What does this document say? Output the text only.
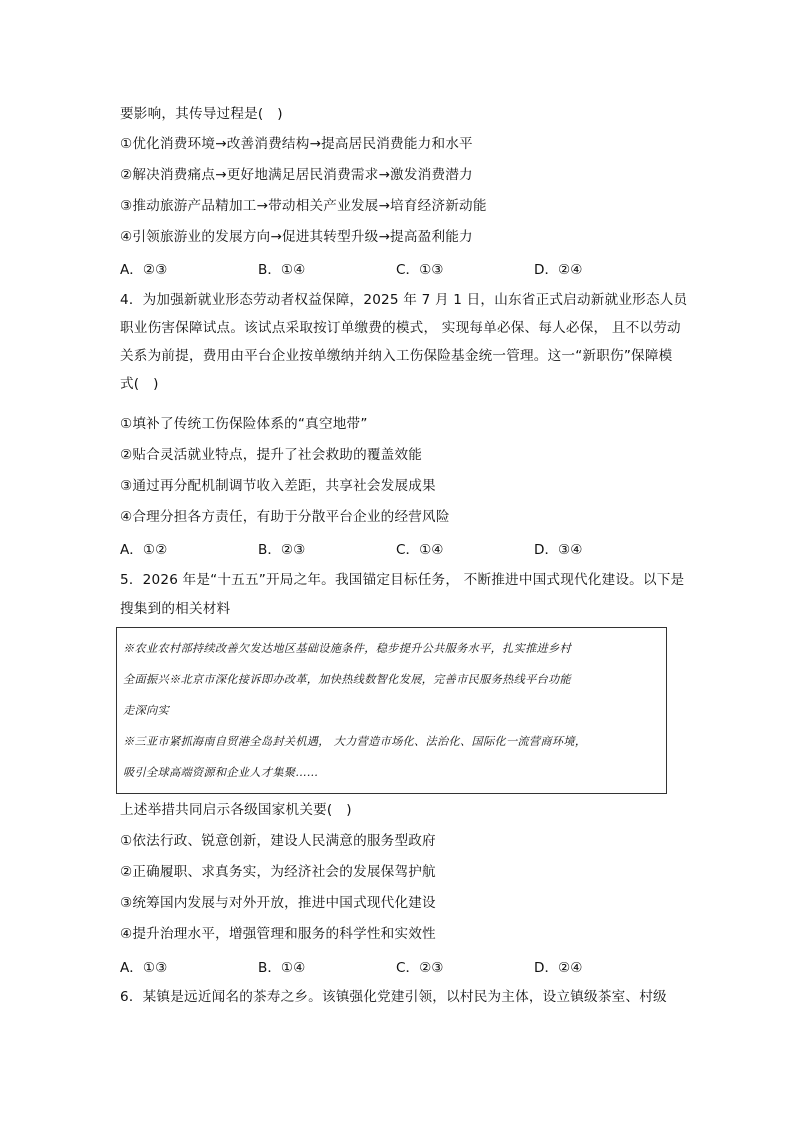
要影响，其传导过程是(　)
①优化消费环境→改善消费结构→提高居民消费能力和水平
②解决消费痛点→更好地满足居民消费需求→激发消费潜力
③推动旅游产品精加工→带动相关产业发展→培育经济新动能
④引领旅游业的发展方向→促进其转型升级→提高盈利能力
A．②③	B．①④	C．①③	D．②④
4．为加强新就业形态劳动者权益保障，2025 年 7 月 1 日，山东省正式启动新就业形态人员
职业伤害保障试点。该试点采取按订单缴费的模式， 实现每单必保、每人必保， 且不以劳动
关系为前提，费用由平台企业按单缴纳并纳入工伤保险基金统一管理。这一“新职伤”保障模
式(　)
①填补了传统工伤保险体系的“真空地带”
②贴合灵活就业特点，提升了社会救助的覆盖效能
③通过再分配机制调节收入差距，共享社会发展成果
④合理分担各方责任，有助于分散平台企业的经营风险
A．①②	B．②③	C．①④	D．③④
5．2026 年是“十五五”开局之年。我国锚定目标任务， 不断推进中国式现代化建设。以下是
搜集到的相关材料
※农业农村部持续改善欠发达地区基础设施条件，稳步提升公共服务水平，扎实推进乡村
全面振兴※北京市深化接诉即办改革，加快热线数智化发展，完善市民服务热线平台功能
走深向实
※三亚市紧抓海南自贸港全岛封关机遇， 大力营造市场化、法治化、国际化一流营商环境，
吸引全球高端资源和企业人才集聚……
上述举措共同启示各级国家机关要(　)
①依法行政、锐意创新，建设人民满意的服务型政府
②正确履职、求真务实，为经济社会的发展保驾护航
③统筹国内发展与对外开放，推进中国式现代化建设
④提升治理水平，增强管理和服务的科学性和实效性
A．①③	B．①④	C．②③	D．②④
6．某镇是远近闻名的茶寿之乡。该镇强化党建引领，以村民为主体，设立镇级茶室、村级
